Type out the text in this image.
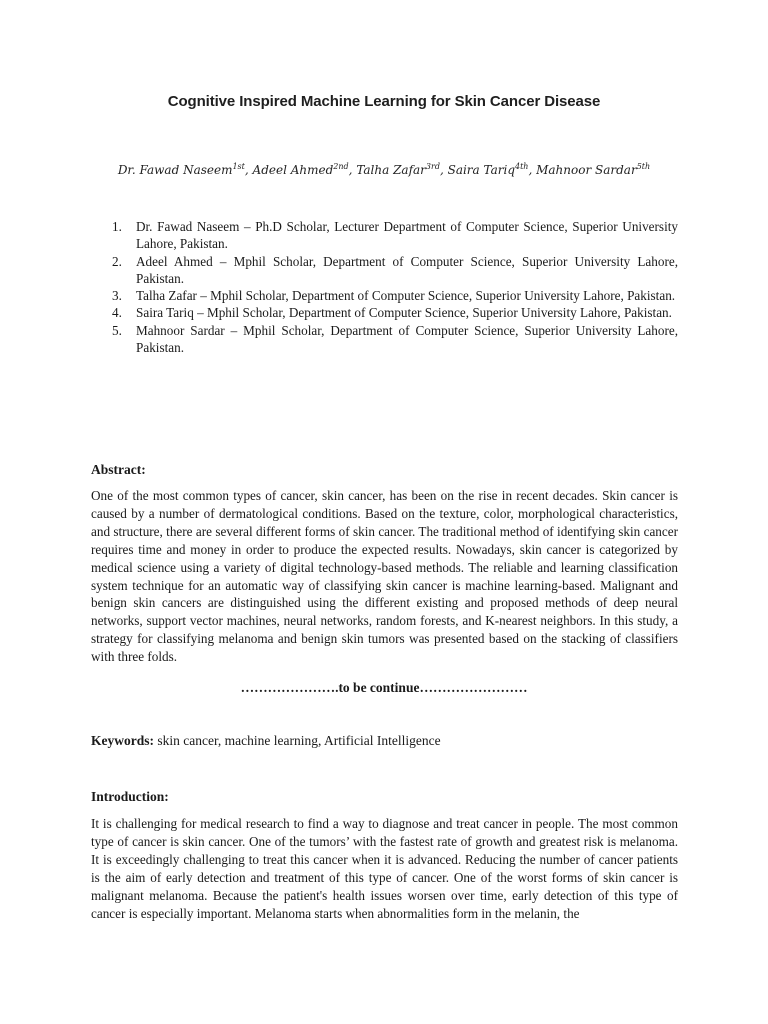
Cognitive Inspired Machine Learning for Skin Cancer Disease
Dr. Fawad Naseem$^{1st}$, Adeel Ahmed$^{2nd}$, Talha Zafar$^{3rd}$, Saira Tariq$^{4th}$, Mahnoor Sardar$^{5th}$
1. Dr. Fawad Naseem – Ph.D Scholar, Lecturer Department of Computer Science, Superior University Lahore, Pakistan.
2. Adeel Ahmed – Mphil Scholar, Department of Computer Science, Superior University Lahore, Pakistan.
3. Talha Zafar – Mphil Scholar, Department of Computer Science, Superior University Lahore, Pakistan.
4. Saira Tariq – Mphil Scholar, Department of Computer Science, Superior University Lahore, Pakistan.
5. Mahnoor Sardar – Mphil Scholar, Department of Computer Science, Superior University Lahore, Pakistan.
Abstract:

One of the most common types of cancer, skin cancer, has been on the rise in recent decades. Skin cancer is caused by a number of dermatological conditions. Based on the texture, color, morphological characteristics, and structure, there are several different forms of skin cancer. The traditional method of identifying skin cancer requires time and money in order to produce the expected results. Nowadays, skin cancer is categorized by medical science using a variety of digital technology-based methods. The reliable and learning classification system technique for an automatic way of classifying skin cancer is machine learning-based. Malignant and benign skin cancers are distinguished using the different existing and proposed methods of deep neural networks, support vector machines, neural networks, random forests, and K-nearest neighbors. In this study, a strategy for classifying melanoma and benign skin tumors was presented based on the stacking of classifiers with three folds.

………………….to be continue……………………
Keywords: skin cancer, machine learning, Artificial Intelligence
Introduction:

It is challenging for medical research to find a way to diagnose and treat cancer in people. The most common type of cancer is skin cancer. One of the tumors’ with the fastest rate of growth and greatest risk is melanoma. It is exceedingly challenging to treat this cancer when it is advanced. Reducing the number of cancer patients is the aim of early detection and treatment of this type of cancer. One of the worst forms of skin cancer is malignant melanoma. Because the patient's health issues worsen over time, early detection of this type of cancer is especially important. Melanoma starts when abnormalities form in the melanin, the
